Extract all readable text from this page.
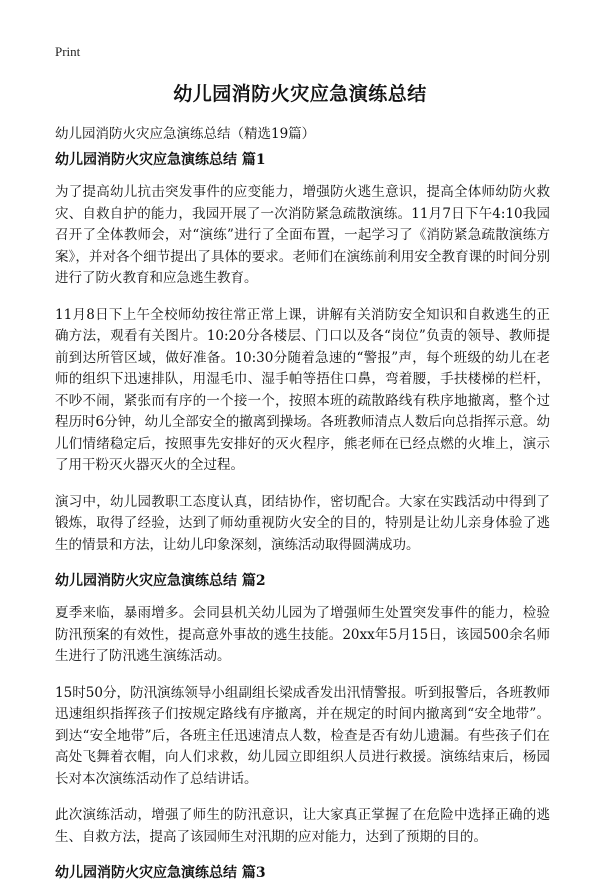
Print
幼儿园消防火灾应急演练总结
幼儿园消防火灾应急演练总结（精选19篇）
幼儿园消防火灾应急演练总结 篇1

为了提高幼儿抗击突发事件的应变能力，增强防火逃生意识，提高全体师幼防火救灾、自救自护的能力，我园开展了一次消防紧急疏散演练。11月7日下午4:10我园召开了全体教师会，对“演练”进行了全面布置，一起学习了《消防紧急疏散演练方案》，并对各个细节提出了具体的要求。老师们在演练前利用安全教育课的时间分别进行了防火教育和应急逃生教育。

11月8日下上午全校师幼按往常正常上课，讲解有关消防安全知识和自救逃生的正确方法，观看有关图片。10:20分各楼层、门口以及各“岗位”负责的领导、教师提前到达所管区域，做好准备。10:30分随着急速的“警报”声，每个班级的幼儿在老师的组织下迅速排队，用湿毛巾、湿手帕等捂住口鼻，弯着腰，手扶楼梯的栏杆，不吵不闹，紧张而有序的一个接一个，按照本班的疏散路线有秩序地撤离，整个过程历时6分钟，幼儿全部安全的撤离到操场。各班教师清点人数后向总指挥示意。幼儿们情绪稳定后，按照事先安排好的灭火程序，熊老师在已经点燃的火堆上，演示了用干粉灭火器灭火的全过程。

演习中，幼儿园教职工态度认真，团结协作，密切配合。大家在实践活动中得到了锻炼，取得了经验，达到了师幼重视防火安全的目的，特别是让幼儿亲身体验了逃生的情景和方法，让幼儿印象深刻，演练活动取得圆满成功。

幼儿园消防火灾应急演练总结 篇2

夏季来临，暴雨增多。会同县机关幼儿园为了增强师生处置突发事件的能力，检验防汛预案的有效性，提高意外事故的逃生技能。20xx年5月15日，该园500余名师生进行了防汛逃生演练活动。

15时50分，防汛演练领导小组副组长梁成香发出汛情警报。听到报警后，各班教师迅速组织指挥孩子们按规定路线有序撤离，并在规定的时间内撤离到“安全地带”。到达“安全地带”后，各班主任迅速清点人数，检查是否有幼儿遗漏。有些孩子们在高处飞舞着衣帽，向人们求救，幼儿园立即组织人员进行救援。演练结束后，杨园长对本次演练活动作了总结讲话。

此次演练活动，增强了师生的防汛意识，让大家真正掌握了在危险中选择正确的逃生、自救方法，提高了该园师生对汛期的应对能力，达到了预期的目的。

幼儿园消防火灾应急演练总结 篇3
